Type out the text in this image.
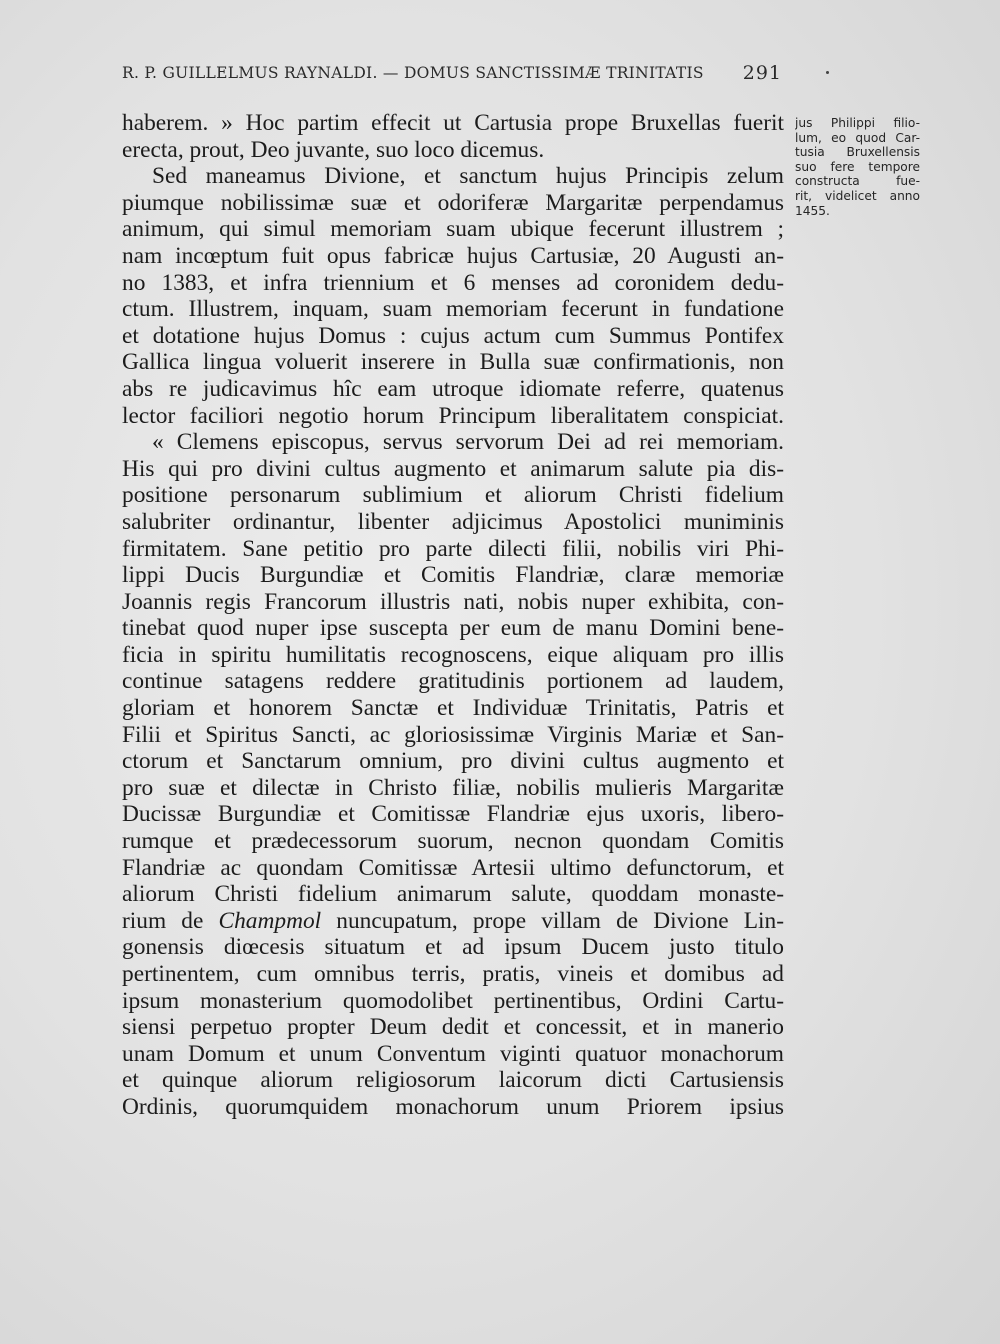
R. P. GUILLELMUS RAYNALDI. — DOMUS SANCTISSIMÆ TRINITATIS 291
haberem. » Hoc partim effecit ut Cartusia prope Bruxellas fuerit
erecta, prout, Deo juvante, suo loco dicemus.
Sed maneamus Divione, et sanctum hujus Principis zelum
piumque nobilissimæ suæ et odoriferæ Margaritæ perpendamus
animum, qui simul memoriam suam ubique fecerunt illustrem ;
nam incœptum fuit opus fabricæ hujus Cartusiæ, 20 Augusti an-
no 1383, et infra triennium et 6 menses ad coronidem dedu-
ctum. Illustrem, inquam, suam memoriam fecerunt in fundatione
et dotatione hujus Domus : cujus actum cum Summus Pontifex
Gallica lingua voluerit inserere in Bulla suæ confirmationis, non
abs re judicavimus hîc eam utroque idiomate referre, quatenus
lector faciliori negotio horum Principum liberalitatem conspiciat.
« Clemens episcopus, servus servorum Dei ad rei memoriam.
His qui pro divini cultus augmento et animarum salute pia dis-
positione personarum sublimium et aliorum Christi fidelium
salubriter ordinantur, libenter adjicimus Apostolici muniminis
firmitatem. Sane petitio pro parte dilecti filii, nobilis viri Phi-
lippi Ducis Burgundiæ et Comitis Flandriæ, claræ memoriæ
Joannis regis Francorum illustris nati, nobis nuper exhibita, con-
tinebat quod nuper ipse suscepta per eum de manu Domini bene-
ficia in spiritu humilitatis recognoscens, eique aliquam pro illis
continue satagens reddere gratitudinis portionem ad laudem,
gloriam et honorem Sanctæ et Individuæ Trinitatis, Patris et
Filii et Spiritus Sancti, ac gloriosissimæ Virginis Mariæ et San-
ctorum et Sanctarum omnium, pro divini cultus augmento et
pro suæ et dilectæ in Christo filiæ, nobilis mulieris Margaritæ
Ducissæ Burgundiæ et Comitissæ Flandriæ ejus uxoris, libero-
rumque et prædecessorum suorum, necnon quondam Comitis
Flandriæ ac quondam Comitissæ Artesii ultimo defunctorum, et
aliorum Christi fidelium animarum salute, quoddam monaste-
rium de Champmol nuncupatum, prope villam de Divione Lin-
gonensis diœcesis situatum et ad ipsum Ducem justo titulo
pertinentem, cum omnibus terris, pratis, vineis et domibus ad
ipsum monasterium quomodolibet pertinentibus, Ordini Cartu-
siensi perpetuo propter Deum dedit et concessit, et in manerio
unam Domum et unum Conventum viginti quatuor monachorum
et quinque aliorum religiosorum laicorum dicti Cartusiensis
Ordinis, quorumquidem monachorum unum Priorem ipsius
jus Philippi filio-
lum, eo quod Car-
tusia Bruxellensis
suo fere tempore
constructa fue-
rit, videlicet anno
1455.
